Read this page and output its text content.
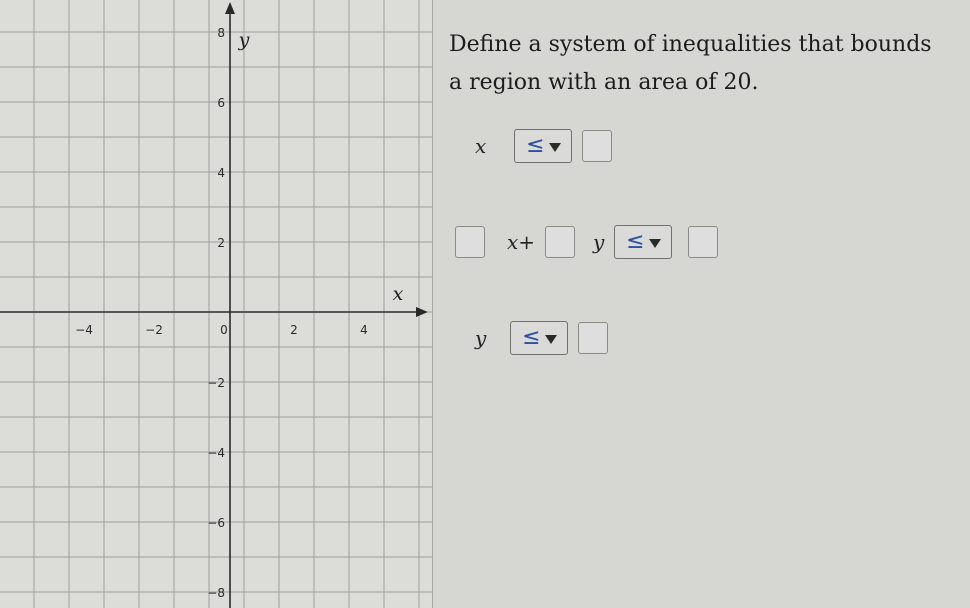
−4	−2	0	2	4
8
6
4
2
−2
−4
−6
−8
x
y	Define a system of inequalities that bounds a region with an area of 20.
x ≤
x+	y ≤
y ≤
